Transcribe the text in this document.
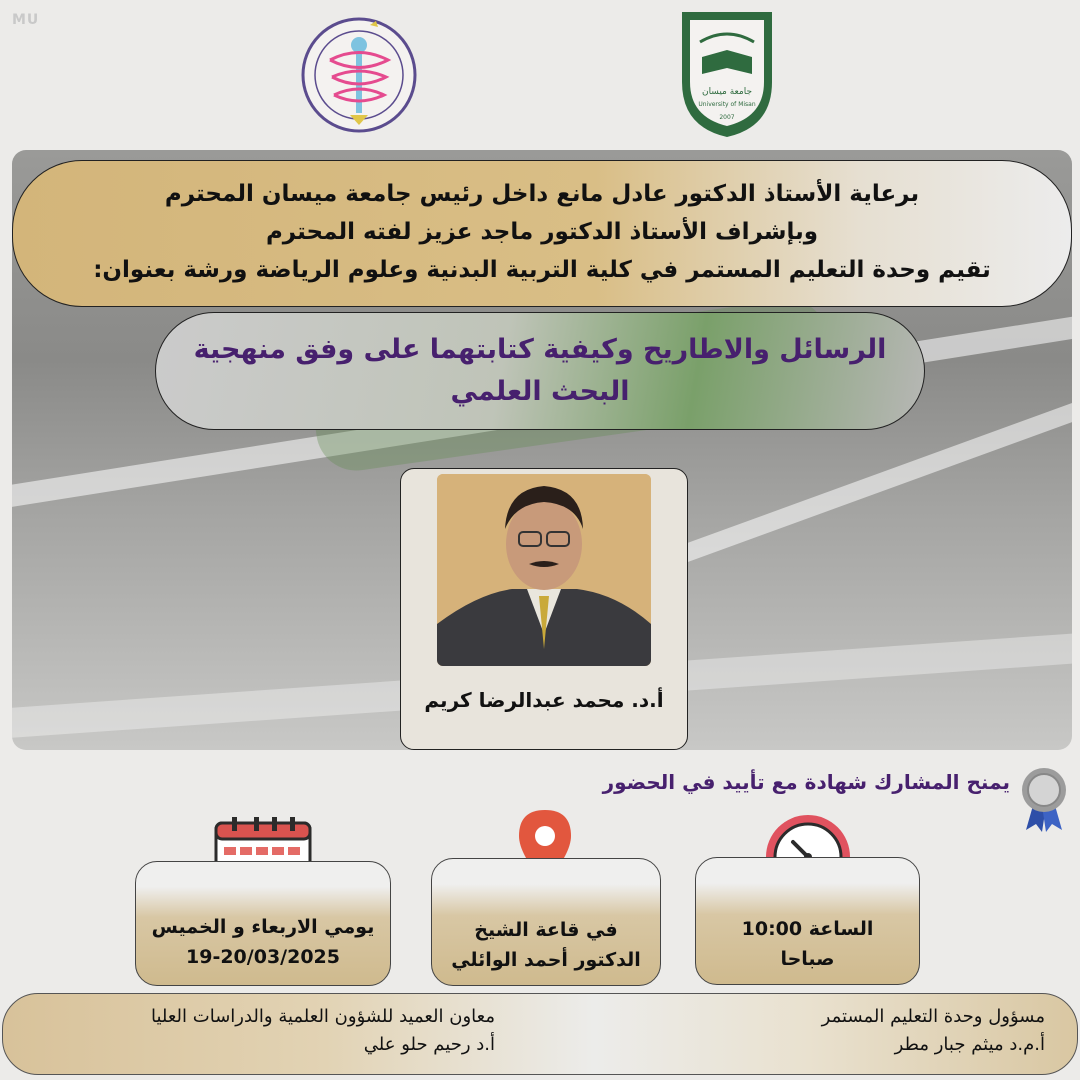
MU
جامعة ميسان
University of Misan
2007
برعاية الأستاذ الدكتور عادل مانع داخل رئيس جامعة ميسان المحترم
وبإشراف الأستاذ الدكتور ماجد عزيز لفته المحترم
تقيم وحدة التعليم المستمر في كلية التربية البدنية وعلوم الرياضة ورشة بعنوان:
الرسائل والاطاريح وكيفية كتابتهما على وفق منهجية
البحث العلمي
أ.د. محمد عبدالرضا كريم
يمنح المشارك شهادة مع تأييد في الحضور
يومي الاربعاء و الخميس
19-20/03/2025
في قاعة الشيخ
الدكتور أحمد الوائلي
الساعة 10:00
صباحا
مسؤول وحدة التعليم المستمر
أ.م.د ميثم جبار مطر
معاون العميد للشؤون العلمية والدراسات العليا
أ.د رحيم حلو علي
